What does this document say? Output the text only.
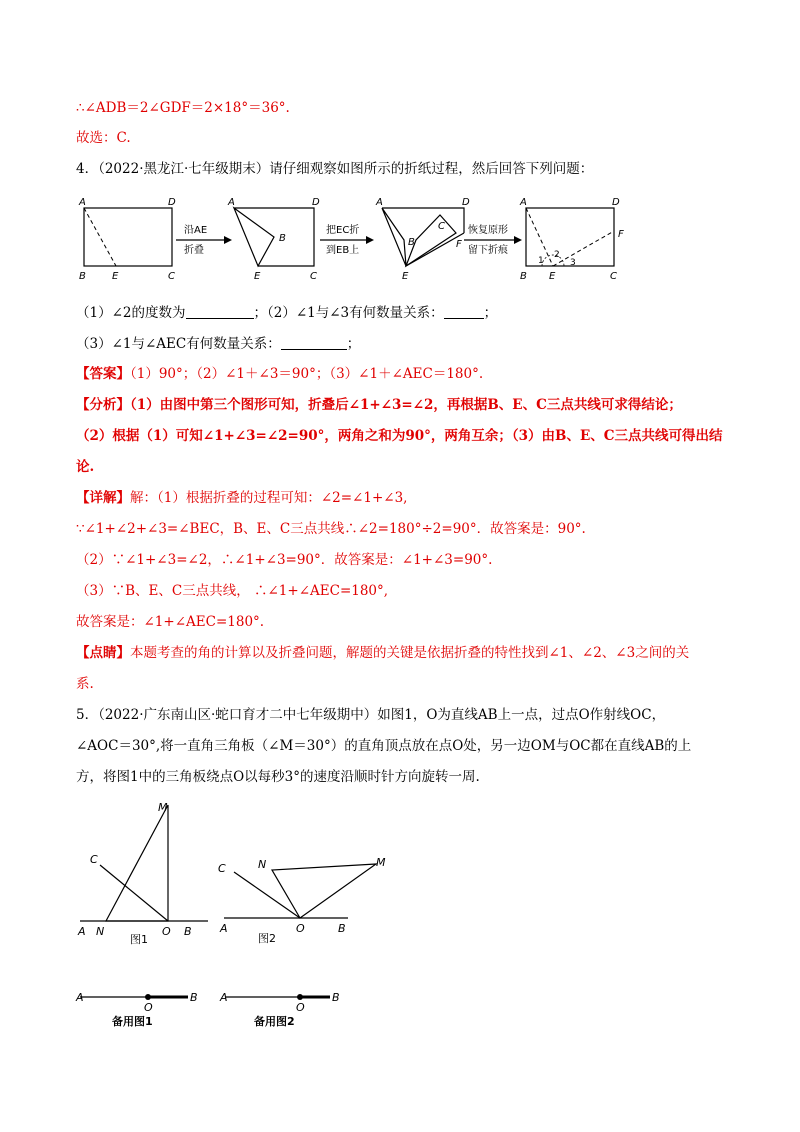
∴∠ADB＝2∠GDF＝2×18°＝36°.
故选：C.
4．（2022·黑龙江·七年级期末）请仔细观察如图所示的折纸过程，然后回答下列问题：
A	D
B	E	C
沿AE
折叠
A	D
B
E	C
把EC折
到EB上
A	D
B
C
F
E
恢复原形
留下折痕
A	D
F
B E	C
1
2
3
（1）∠2的度数为	；（2）∠1与∠3有何数量关系：	；
（3）∠1与∠AEC有何数量关系：	；
【答案】（1）90°；（2）∠1＋∠3＝90°；（3）∠1＋∠AEC＝180°.
【分析】（1）由图中第三个图形可知，折叠后∠1+∠3=∠2，再根据B、E、C三点共线可求得结论；
（2）根据（1）可知∠1+∠3=∠2=90°，两角之和为90°，两角互余；（3）由B、E、C三点共线可得出结
论.
【详解】解：（1）根据折叠的过程可知：∠2=∠1+∠3,
∵∠1+∠2+∠3=∠BEC，B、E、C三点共线∴∠2=180°÷2=90°．故答案是：90°.
（2）∵∠1+∠3=∠2，∴∠1+∠3=90°．故答案是：∠1+∠3=90°.
（3）∵B、E、C三点共线， ∴∠1+∠AEC=180°,
故答案是：∠1+∠AEC=180°.
【点睛】本题考查的角的计算以及折叠问题，解题的关键是依据折叠的特性找到∠1、∠2、∠3之间的关
系.
5．（2022·广东南山区·蛇口育才二中七年级期中）如图1，O为直线AB上一点，过点O作射线OC，
∠AOC＝30°,将一直角三角板（∠M＝30°）的直角顶点放在点O处，另一边OM与OC都在直线AB的上
方，将图1中的三角板绕点O以每秒3°的速度沿顺时针方向旋转一周.
M
C
A N	O B
图1
C	N	M
A	O	B
图2
A
O
B
备用图1
A
O
B
备用图2
